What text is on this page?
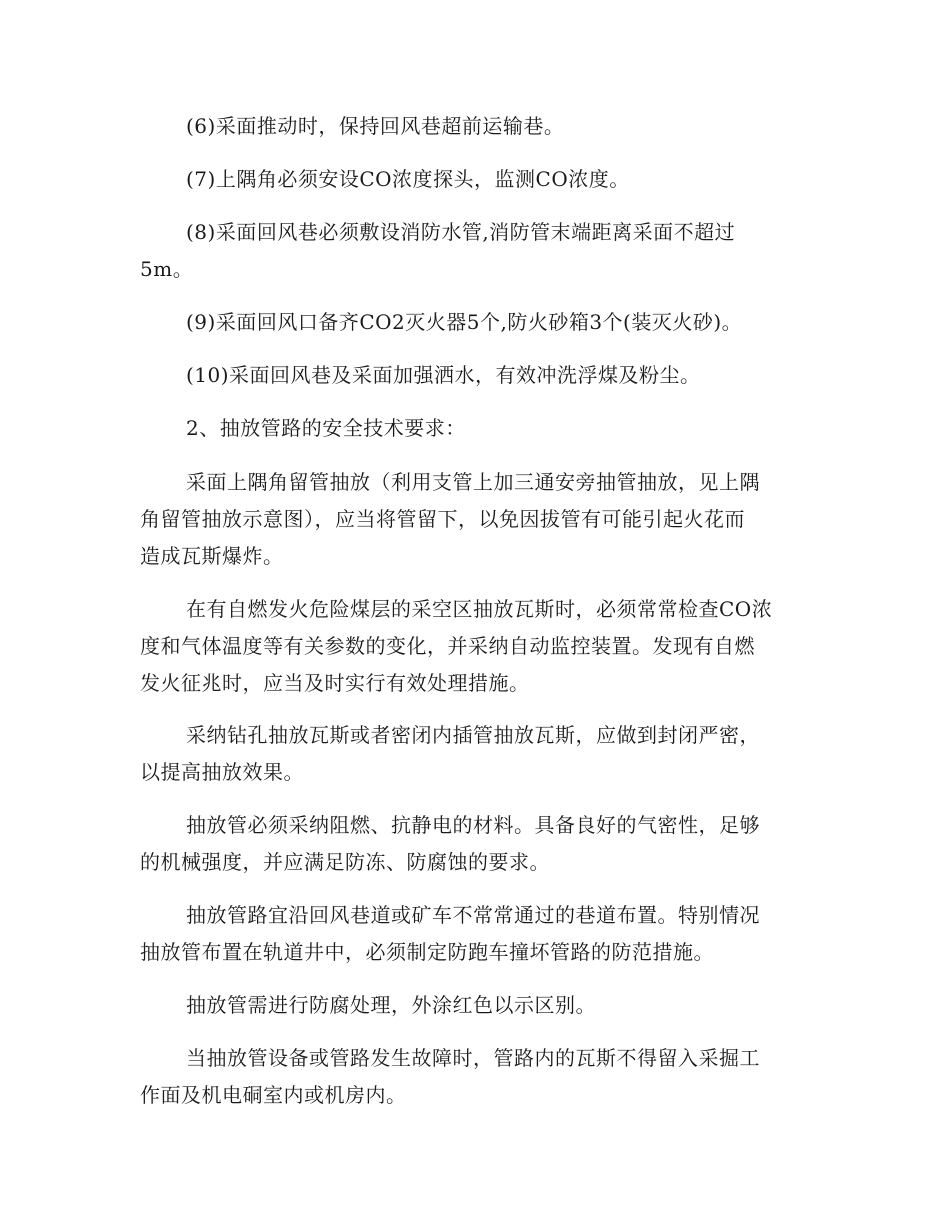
(6)采面推动时，保持回风巷超前运输巷。
(7)上隅角必须安设CO浓度探头，监测CO浓度。
(8)采面回风巷必须敷设消防水管,消防管末端距离采面不超过
5m。
(9)采面回风口备齐CO2灭火器5个,防火砂箱3个(装灭火砂)。
(10)采面回风巷及采面加强洒水，有效冲洗浮煤及粉尘。
2、抽放管路的安全技术要求：
采面上隅角留管抽放（利用支管上加三通安旁抽管抽放，见上隅
角留管抽放示意图），应当将管留下，以免因拔管有可能引起火花而
造成瓦斯爆炸。
在有自燃发火危险煤层的采空区抽放瓦斯时，必须常常检查CO浓
度和气体温度等有关参数的变化，并采纳自动监控装置。发现有自燃
发火征兆时，应当及时实行有效处理措施。
采纳钻孔抽放瓦斯或者密闭内插管抽放瓦斯，应做到封闭严密，
以提高抽放效果。
抽放管必须采纳阻燃、抗静电的材料。具备良好的气密性，足够
的机械强度，并应满足防冻、防腐蚀的要求。
抽放管路宜沿回风巷道或矿车不常常通过的巷道布置。特别情况
抽放管布置在轨道井中，必须制定防跑车撞坏管路的防范措施。
抽放管需进行防腐处理，外涂红色以示区别。
当抽放管设备或管路发生故障时，管路内的瓦斯不得留入采掘工
作面及机电硐室内或机房内。
